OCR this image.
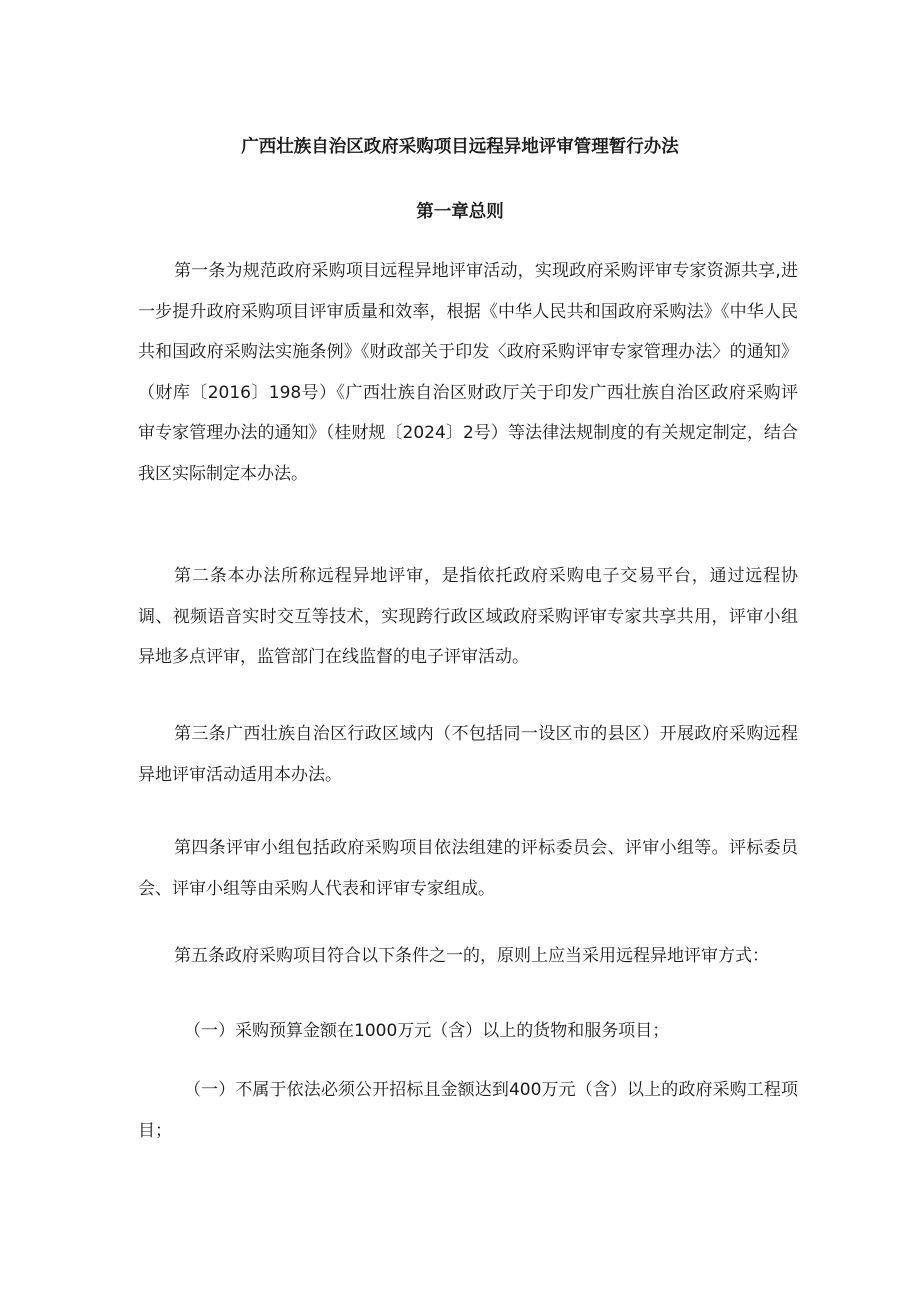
广西壮族自治区政府采购项目远程异地评审管理暂行办法
第一章总则
第一条为规范政府采购项目远程异地评审活动，实现政府采购评审专家资源共享,进一步提升政府采购项目评审质量和效率，根据《中华人民共和国政府采购法》《中华人民共和国政府采购法实施条例》《财政部关于印发〈政府采购评审专家管理办法〉的通知》（财库〔2016〕198号）《广西壮族自治区财政厅关于印发广西壮族自治区政府采购评审专家管理办法的通知》（桂财规〔2024〕2号）等法律法规制度的有关规定制定，结合我区实际制定本办法。
第二条本办法所称远程异地评审，是指依托政府采购电子交易平台，通过远程协调、视频语音实时交互等技术，实现跨行政区域政府采购评审专家共享共用，评审小组异地多点评审，监管部门在线监督的电子评审活动。
第三条广西壮族自治区行政区域内（不包括同一设区市的县区）开展政府采购远程异地评审活动适用本办法。
第四条评审小组包括政府采购项目依法组建的评标委员会、评审小组等。评标委员会、评审小组等由采购人代表和评审专家组成。
第五条政府采购项目符合以下条件之一的，原则上应当采用远程异地评审方式：
（一）采购预算金额在1000万元（含）以上的货物和服务项目；
（一）不属于依法必须公开招标且金额达到400万元（含）以上的政府采购工程项目；
